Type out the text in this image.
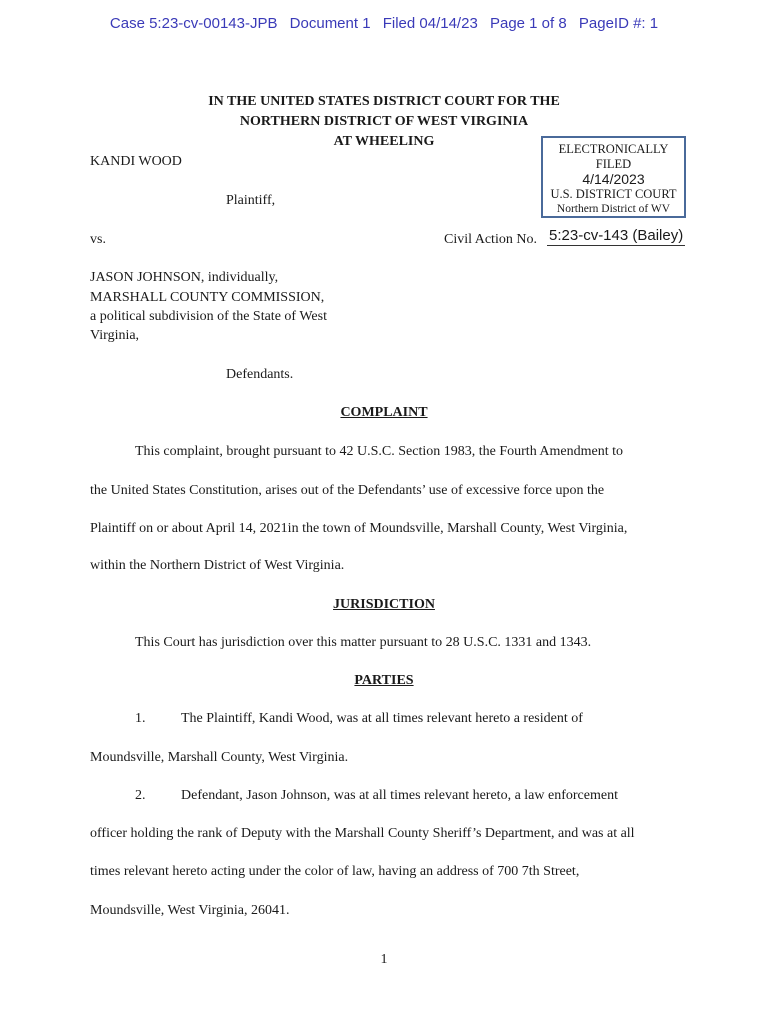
Case 5:23-cv-00143-JPB Document 1 Filed 04/14/23 Page 1 of 8 PageID #: 1
IN THE UNITED STATES DISTRICT COURT FOR THE
NORTHERN DISTRICT OF WEST VIRGINIA
AT WHEELING	ELECTRONICALLY
FILED
4/14/2023
U.S. DISTRICT COURT
Northern District of WV
KANDI WOOD
Plaintiff,
vs.	Civil Action No. 5:23-cv-143 (Bailey)
JASON JOHNSON, individually,
MARSHALL COUNTY COMMISSION,
a political subdivision of the State of West
Virginia,
Defendants.
COMPLAINT
This complaint, brought pursuant to 42 U.S.C. Section 1983, the Fourth Amendment to
the United States Constitution, arises out of the Defendants’ use of excessive force upon the
Plaintiff on or about April 14, 2021in the town of Moundsville, Marshall County, West Virginia,
within the Northern District of West Virginia.
JURISDICTION
This Court has jurisdiction over this matter pursuant to 28 U.S.C. 1331 and 1343.
PARTIES
1.	The Plaintiff, Kandi Wood, was at all times relevant hereto a resident of
Moundsville, Marshall County, West Virginia.
2.	Defendant, Jason Johnson, was at all times relevant hereto, a law enforcement
officer holding the rank of Deputy with the Marshall County Sheriff’s Department, and was at all
times relevant hereto acting under the color of law, having an address of 700 7th Street,
Moundsville, West Virginia, 26041.
1
